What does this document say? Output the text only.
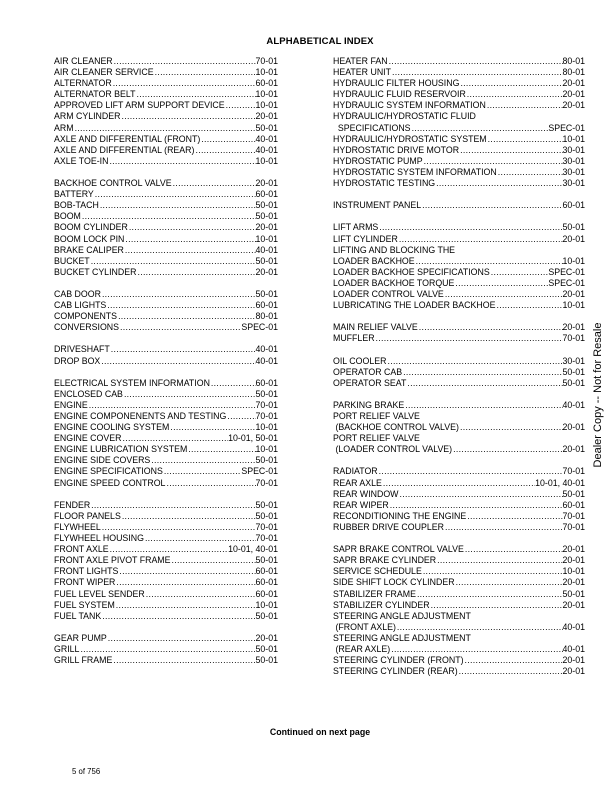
ALPHABETICAL INDEX
AIR CLEANER .....	70-01
AIR CLEANER SERVICE .....	10-01
ALTERNATOR .....	60-01
ALTERNATOR BELT .....	10-01
APPROVED LIFT ARM SUPPORT DEVICE .....	10-01
ARM CYLINDER .....	20-01
ARM .....	50-01
AXLE AND DIFFERENTIAL (FRONT) .....	40-01
AXLE AND DIFFERENTIAL (REAR) .....	40-01
AXLE TOE-IN .....	10-01
BACKHOE CONTROL VALVE .....	20-01
BATTERY .....	60-01
BOB-TACH .....	50-01
BOOM .....	50-01
BOOM CYLINDER .....	20-01
BOOM LOCK PIN .....	10-01
BRAKE CALIPER .....	40-01
BUCKET .....	50-01
BUCKET CYLINDER .....	20-01
CAB DOOR .....	50-01
CAB LIGHTS .....	60-01
COMPONENTS .....	80-01
CONVERSIONS .....	SPEC-01
DRIVESHAFT .....	40-01
DROP BOX .....	40-01
ELECTRICAL SYSTEM INFORMATION .....	60-01
ENCLOSED CAB .....	50-01
ENGINE .....	70-01
ENGINE COMPONENENTS AND TESTING .....	70-01
ENGINE COOLING SYSTEM .....	10-01
ENGINE COVER .....	10-01, 50-01
ENGINE LUBRICATION SYSTEM .....	10-01
ENGINE SIDE COVERS .....	50-01
ENGINE SPECIFICATIONS .....	SPEC-01
ENGINE SPEED CONTROL .....	70-01
FENDER .....	50-01
FLOOR PANELS .....	50-01
FLYWHEEL .....	70-01
FLYWHEEL HOUSING .....	70-01
FRONT AXLE .....	10-01, 40-01
FRONT AXLE PIVOT FRAME .....	50-01
FRONT LIGHTS .....	60-01
FRONT WIPER .....	60-01
FUEL LEVEL SENDER .....	60-01
FUEL SYSTEM .....	10-01
FUEL TANK .....	50-01
GEAR PUMP .....	20-01
GRILL .....	50-01
GRILL FRAME .....	50-01
HEATER FAN .....	80-01
HEATER UNIT .....	80-01
HYDRAULIC FILTER HOUSING .....	20-01
HYDRAULIC FLUID RESERVOIR .....	20-01
HYDRAULIC SYSTEM INFORMATION .....	20-01
HYDRAULIC/HYDROSTATIC FLUID
SPECIFICATIONS .....	SPEC-01
HYDRAULIC/HYDROSTATIC SYSTEM .....	10-01
HYDROSTATIC DRIVE MOTOR .....	30-01
HYDROSTATIC PUMP .....	30-01
HYDROSTATIC SYSTEM INFORMATION .....	30-01
HYDROSTATIC TESTING .....	30-01
INSTRUMENT PANEL .....	60-01
LIFT ARMS .....	50-01
LIFT CYLINDER .....	20-01
LIFTING AND BLOCKING THE
LOADER BACKHOE .....	10-01
LOADER BACKHOE SPECIFICATIONS .....	SPEC-01
LOADER BACKHOE TORQUE .....	SPEC-01
LOADER CONTROL VALVE .....	20-01
LUBRICATING THE LOADER BACKHOE .....	10-01
MAIN RELIEF VALVE .....	20-01
MUFFLER .....	70-01
OIL COOLER .....	30-01
OPERATOR CAB .....	50-01
OPERATOR SEAT .....	50-01
PARKING BRAKE .....	40-01
PORT RELIEF VALVE
(BACKHOE CONTROL VALVE) .....	20-01
PORT RELIEF VALVE
(LOADER CONTROL VALVE) .....	20-01
RADIATOR .....	70-01
REAR AXLE .....	10-01, 40-01
REAR WINDOW .....	50-01
REAR WIPER .....	60-01
RECONDITIONING THE ENGINE .....	70-01
RUBBER DRIVE COUPLER .....	70-01
SAPR BRAKE CONTROL VALVE .....	20-01
SAPR BRAKE CYLINDER .....	20-01
SERVICE SCHEDULE .....	10-01
SIDE SHIFT LOCK CYLINDER .....	20-01
STABILIZER FRAME .....	50-01
STABILIZER CYLINDER .....	20-01
STEERING ANGLE ADJUSTMENT
(FRONT AXLE) .....	40-01
STEERING ANGLE ADJUSTMENT
(REAR AXLE) .....	40-01
STEERING CYLINDER (FRONT) .....	20-01
STEERING CYLINDER (REAR) .....	20-01
Continued on next page
5 of 756
Dealer Copy -- Not for Resale
